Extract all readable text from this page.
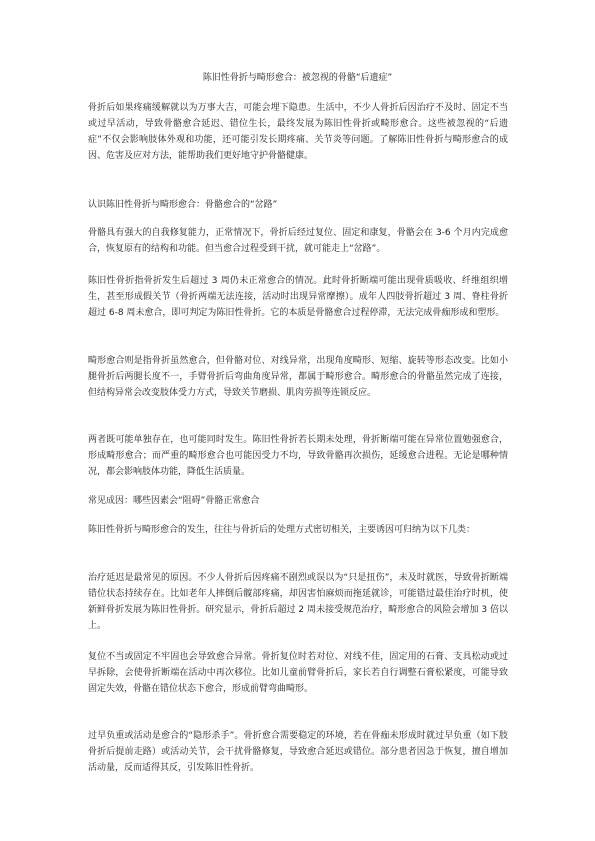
陈旧性骨折与畸形愈合：被忽视的骨骼“后遗症”

骨折后如果疼痛缓解就以为万事大吉，可能会埋下隐患。生活中，不少人骨折后因治疗不及时、固定不当或过早活动，导致骨骼愈合延迟、错位生长，最终发展为陈旧性骨折或畸形愈合。这些被忽视的“后遗症”不仅会影响肢体外观和功能，还可能引发长期疼痛、关节炎等问题。了解陈旧性骨折与畸形愈合的成因、危害及应对方法，能帮助我们更好地守护骨骼健康。

认识陈旧性骨折与畸形愈合：骨骼愈合的“岔路”

骨骼具有强大的自我修复能力，正常情况下，骨折后经过复位、固定和康复，骨骼会在 3-6 个月内完成愈合，恢复原有的结构和功能。但当愈合过程受到干扰，就可能走上“岔路”。

陈旧性骨折指骨折发生后超过 3 周仍未正常愈合的情况。此时骨折断端可能出现骨质吸收、纤维组织增生，甚至形成假关节（骨折两端无法连接，活动时出现异常摩擦）。成年人四肢骨折超过 3 周、脊柱骨折超过 6-8 周未愈合，即可判定为陈旧性骨折。它的本质是骨骼愈合过程停滞，无法完成骨痂形成和塑形。

畸形愈合则是指骨折虽然愈合，但骨骼对位、对线异常，出现角度畸形、短缩、旋转等形态改变。比如小腿骨折后两腿长度不一，手臂骨折后弯曲角度异常，都属于畸形愈合。畸形愈合的骨骼虽然完成了连接，但结构异常会改变肢体受力方式，导致关节磨损、肌肉劳损等连锁反应。

两者既可能单独存在，也可能同时发生。陈旧性骨折若长期未处理，骨折断端可能在异常位置勉强愈合，形成畸形愈合；而严重的畸形愈合也可能因受力不均，导致骨骼再次损伤，延缓愈合进程。无论是哪种情况，都会影响肢体功能，降低生活质量。

常见成因：哪些因素会“阻碍”骨骼正常愈合

陈旧性骨折与畸形愈合的发生，往往与骨折后的处理方式密切相关，主要诱因可归纳为以下几类：

治疗延迟是最常见的原因。不少人骨折后因疼痛不剧烈或误以为“只是扭伤”，未及时就医，导致骨折断端错位状态持续存在。比如老年人摔倒后髋部疼痛，却因害怕麻烦而拖延就诊，可能错过最佳治疗时机，使新鲜骨折发展为陈旧性骨折。研究显示，骨折后超过 2 周未接受规范治疗，畸形愈合的风险会增加 3 倍以上。

复位不当或固定不牢固也会导致愈合异常。骨折复位时若对位、对线不佳，固定用的石膏、支具松动或过早拆除，会使骨折断端在活动中再次移位。比如儿童前臂骨折后，家长若自行调整石膏松紧度，可能导致固定失效，骨骼在错位状态下愈合，形成前臂弯曲畸形。

过早负重或活动是愈合的“隐形杀手”。骨折愈合需要稳定的环境，若在骨痂未形成时就过早负重（如下肢骨折后提前走路）或活动关节，会干扰骨骼修复，导致愈合延迟或错位。部分患者因急于恢复，擅自增加活动量，反而适得其反，引发陈旧性骨折。
